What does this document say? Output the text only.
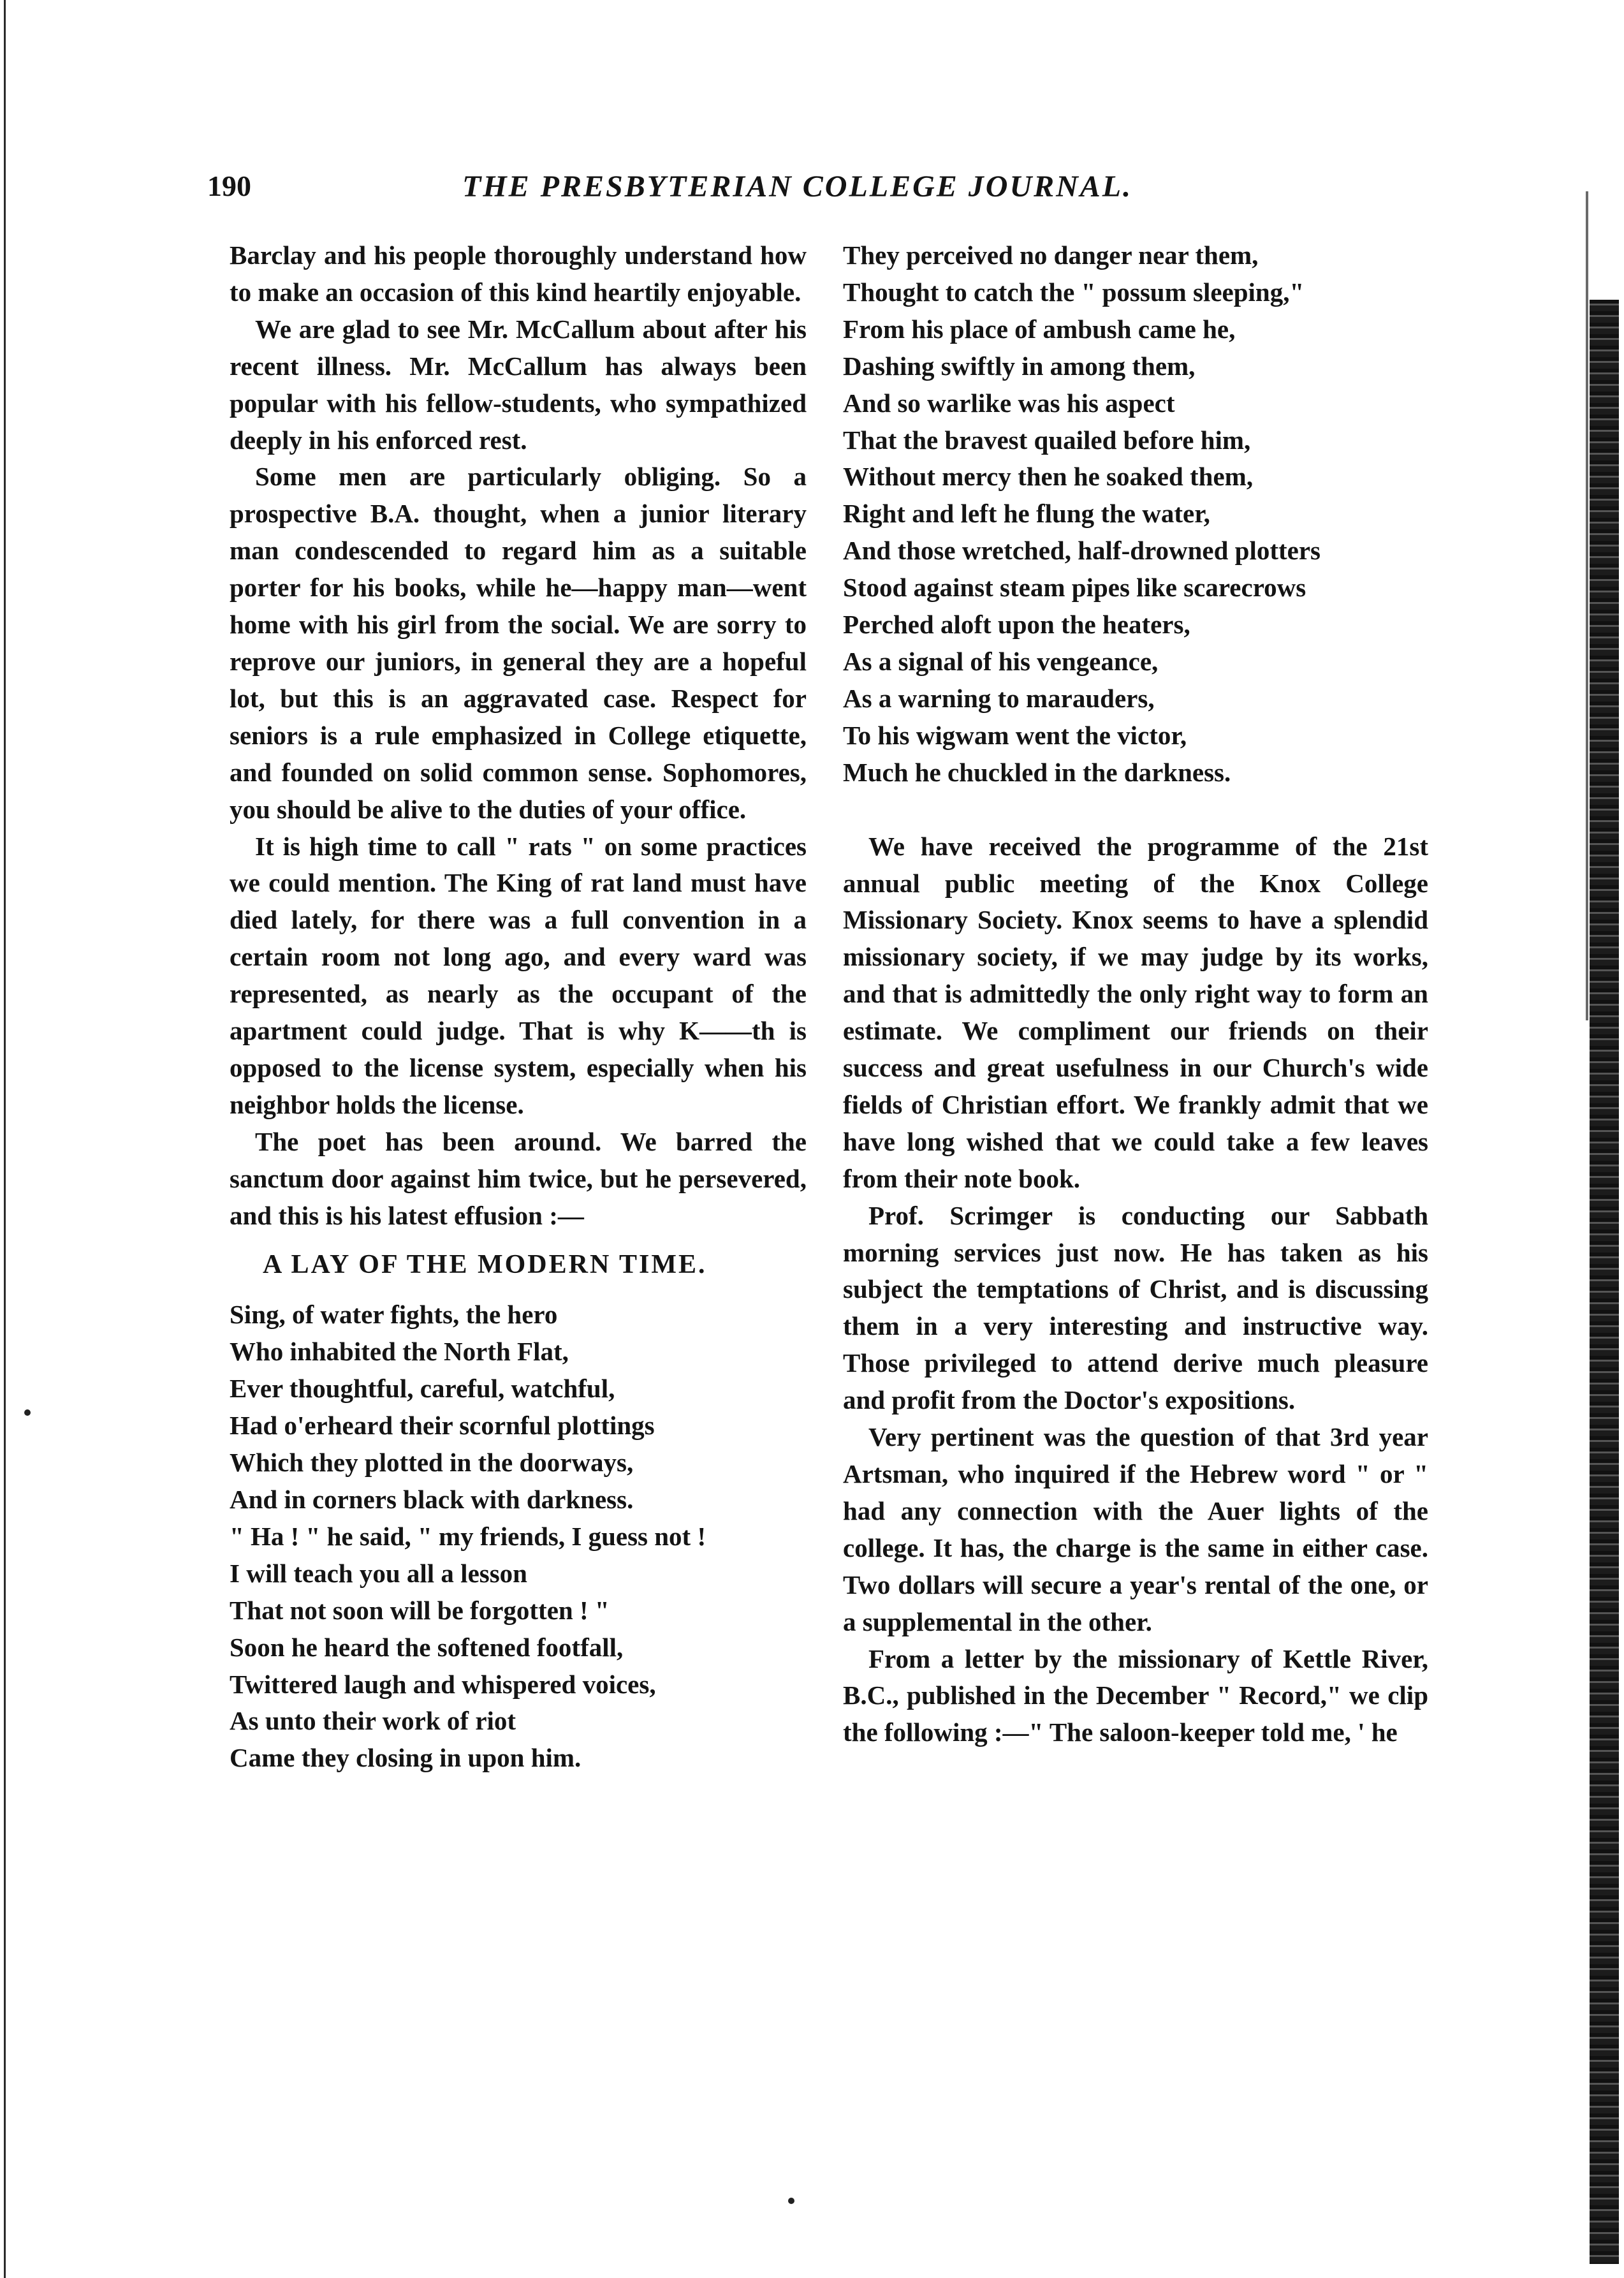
190	THE PRESBYTERIAN COLLEGE JOURNAL.

Barclay and his people thoroughly understand how to make an occasion of this kind heartily enjoyable.

We are glad to see Mr. McCallum about after his recent illness. Mr. McCallum has always been popular with his fellow-students, who sympathized deeply in his enforced rest.

Some men are particularly obliging. So a prospective B.A. thought, when a junior literary man condescended to regard him as a suitable porter for his books, while he—happy man—went home with his girl from the social. We are sorry to reprove our juniors, in general they are a hopeful lot, but this is an aggravated case. Respect for seniors is a rule emphasized in College etiquette, and founded on solid common sense. Sophomores, you should be alive to the duties of your office.

It is high time to call " rats " on some practices we could mention. The King of rat land must have died lately, for there was a full convention in a certain room not long ago, and every ward was represented, as nearly as the occupant of the apartment could judge. That is why K——th is opposed to the license system, especially when his neighbor holds the license.

The poet has been around. We barred the sanctum door against him twice, but he persevered, and this is his latest effusion :—

A LAY OF THE MODERN TIME.
Sing, of water fights, the hero
Who inhabited the North Flat,
Ever thoughtful, careful, watchful,
Had o'erheard their scornful plottings
Which they plotted in the doorways,
And in corners black with darkness.
" Ha ! " he said, " my friends, I guess not !
I will teach you all a lesson
That not soon will be forgotten ! "
Soon he heard the softened footfall,
Twittered laugh and whispered voices,
As unto their work of riot
Came they closing in upon him.
They perceived no danger near them,
Thought to catch the " possum sleeping,"
From his place of ambush came he,
Dashing swiftly in among them,
And so warlike was his aspect
That the bravest quailed before him,
Without mercy then he soaked them,
Right and left he flung the water,
And those wretched, half-drowned plotters
Stood against steam pipes like scarecrows
Perched aloft upon the heaters,
As a signal of his vengeance,
As a warning to marauders,
To his wigwam went the victor,
Much he chuckled in the darkness.

We have received the programme of the 21st annual public meeting of the Knox College Missionary Society. Knox seems to have a splendid missionary society, if we may judge by its works, and that is admittedly the only right way to form an estimate. We compliment our friends on their success and great usefulness in our Church's wide fields of Christian effort. We frankly admit that we have long wished that we could take a few leaves from their note book.

Prof. Scrimger is conducting our Sabbath morning services just now. He has taken as his subject the temptations of Christ, and is discussing them in a very interesting and instructive way. Those privileged to attend derive much pleasure and profit from the Doctor's expositions.

Very pertinent was the question of that 3rd year Artsman, who inquired if the Hebrew word " or " had any connection with the Auer lights of the college. It has, the charge is the same in either case. Two dollars will secure a year's rental of the one, or a supplemental in the other.

From a letter by the missionary of Kettle River, B.C., published in the December " Record," we clip the following :—" The saloon-keeper told me, ' he
